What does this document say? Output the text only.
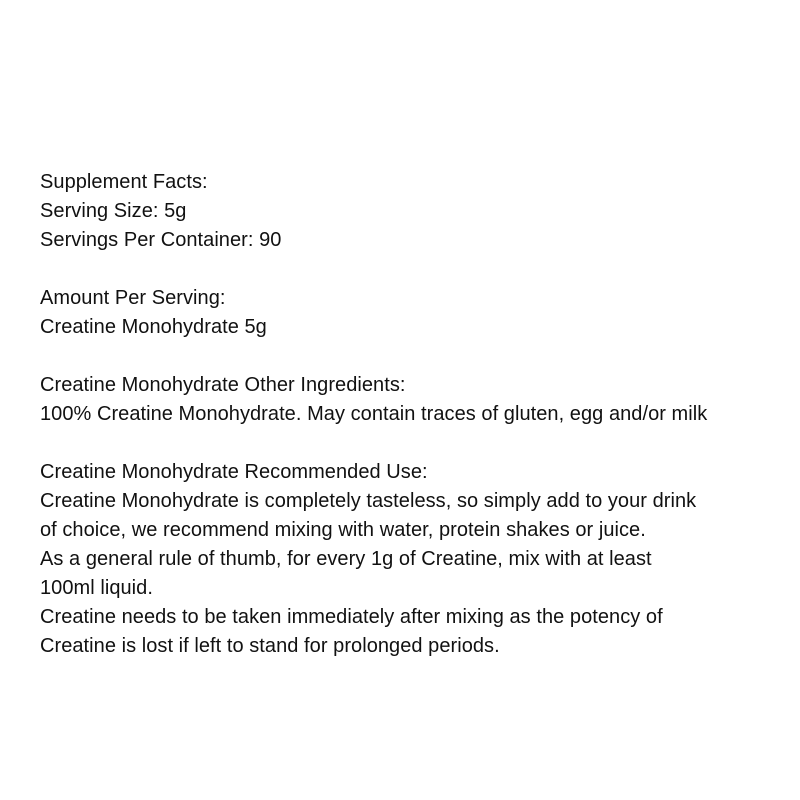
Supplement Facts:
Serving Size: 5g
Servings Per Container: 90
Amount Per Serving:
Creatine Monohydrate 5g
Creatine Monohydrate Other Ingredients:
100% Creatine Monohydrate. May contain traces of gluten, egg and/or milk
Creatine Monohydrate Recommended Use:
Creatine Monohydrate is completely tasteless, so simply add to your drink
of choice, we recommend mixing with water, protein shakes or juice.
As a general rule of thumb, for every 1g of Creatine, mix with at least
100ml liquid.
Creatine needs to be taken immediately after mixing as the potency of
Creatine is lost if left to stand for prolonged periods.
